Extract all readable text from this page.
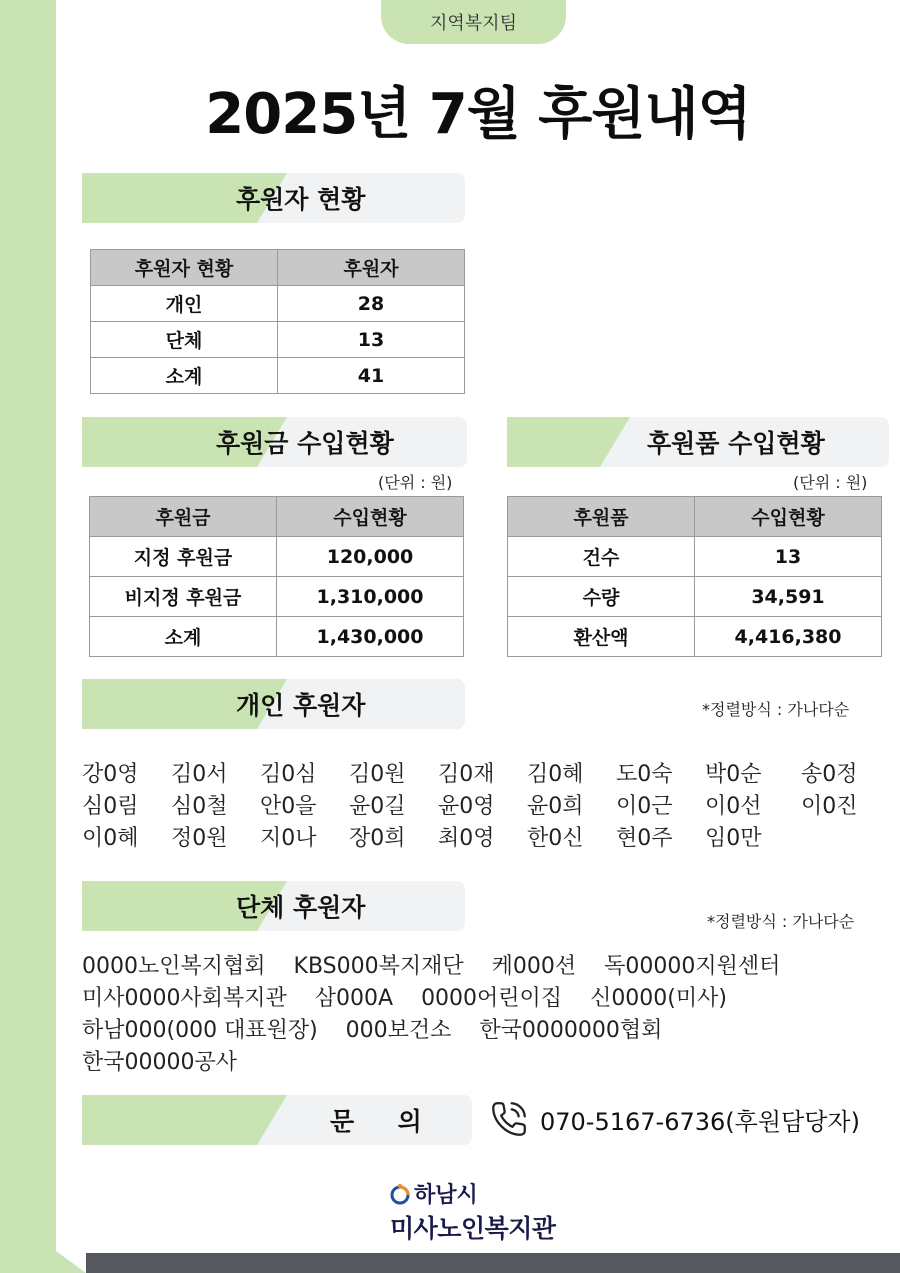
지역복지팀
2025년 7월 후원내역
후원자 현황
후원자 현황	후원자
개인	28
단체	13
소계	41
후원금 수입현황
(단위 : 원)
후원금	수입현황
지정 후원금	120,000
비지정 후원금	1,310,000
소계	1,430,000
후원품 수입현황
(단위 : 원)
후원품	수입현황
건수	13
수량	34,591
환산액	4,416,380
개인 후원자	*정렬방식 : 가나다순
강0영	김0서	김0심	김0원	김0재	김0혜	도0숙	박0순	송0정
심0림	심0철	안0을	윤0길	윤0영	윤0희	이0근	이0선	이0진
이0혜	정0원	지0나	장0희	최0영	한0신	현0주	임0만
단체 후원자	*정렬방식 : 가나다순
0000노인복지협회 KBS000복지재단 케000션 독00000지원센터
미사0000사회복지관 삼000A 0000어린이집 신0000(미사)
하남000(000 대표원장) 000보건소 한국0000000협회
한국00000공사
문     의	070-5167-6736(후원담당자)
하남시
미사노인복지관
